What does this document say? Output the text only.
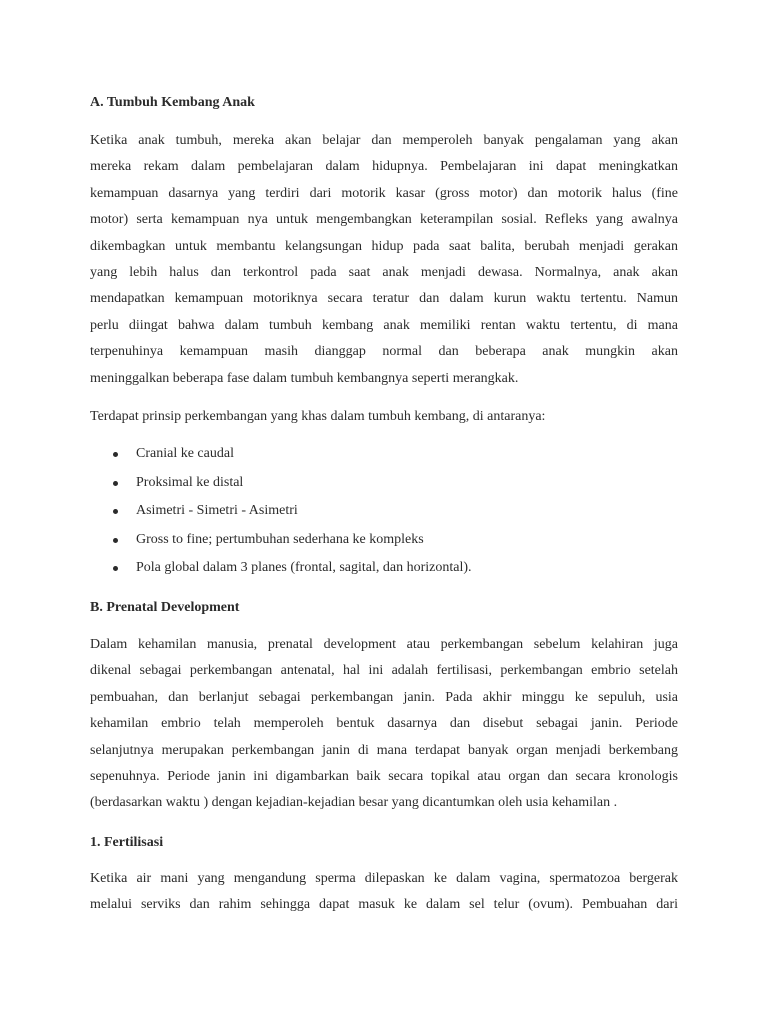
A. Tumbuh Kembang Anak
Ketika anak tumbuh, mereka akan belajar dan memperoleh banyak pengalaman yang akan
mereka rekam dalam pembelajaran dalam hidupnya. Pembelajaran ini dapat meningkatkan
kemampuan dasarnya yang terdiri dari motorik kasar (gross motor) dan motorik halus (fine
motor) serta kemampuan nya untuk mengembangkan keterampilan sosial. Refleks yang awalnya
dikembagkan untuk membantu kelangsungan hidup pada saat balita, berubah menjadi gerakan
yang lebih halus dan terkontrol pada saat anak menjadi dewasa. Normalnya, anak akan
mendapatkan kemampuan motoriknya secara teratur dan dalam kurun waktu tertentu. Namun
perlu diingat bahwa dalam tumbuh kembang anak memiliki rentan waktu tertentu, di mana
terpenuhinya kemampuan masih dianggap normal dan beberapa anak mungkin akan
meninggalkan beberapa fase dalam tumbuh kembangnya seperti merangkak.

Terdapat prinsip perkembangan yang khas dalam tumbuh kembang, di antaranya:

Cranial ke caudal
Proksimal ke distal
Asimetri - Simetri - Asimetri
Gross to fine; pertumbuhan sederhana ke kompleks
Pola global dalam 3 planes (frontal, sagital, dan horizontal).
B. Prenatal Development
Dalam kehamilan manusia, prenatal development atau perkembangan sebelum kelahiran juga
dikenal sebagai perkembangan antenatal, hal ini adalah fertilisasi, perkembangan embrio setelah
pembuahan, dan berlanjut sebagai perkembangan janin. Pada akhir minggu ke sepuluh, usia
kehamilan embrio telah memperoleh bentuk dasarnya dan disebut sebagai janin. Periode
selanjutnya merupakan perkembangan janin di mana terdapat banyak organ menjadi berkembang
sepenuhnya. Periode janin ini digambarkan baik secara topikal atau organ dan secara kronologis
(berdasarkan waktu ) dengan kejadian-kejadian besar yang dicantumkan oleh usia kehamilan .
1. Fertilisasi
Ketika air mani yang mengandung sperma dilepaskan ke dalam vagina, spermatozoa bergerak
melalui serviks dan rahim sehingga dapat masuk ke dalam sel telur (ovum). Pembuahan dari
